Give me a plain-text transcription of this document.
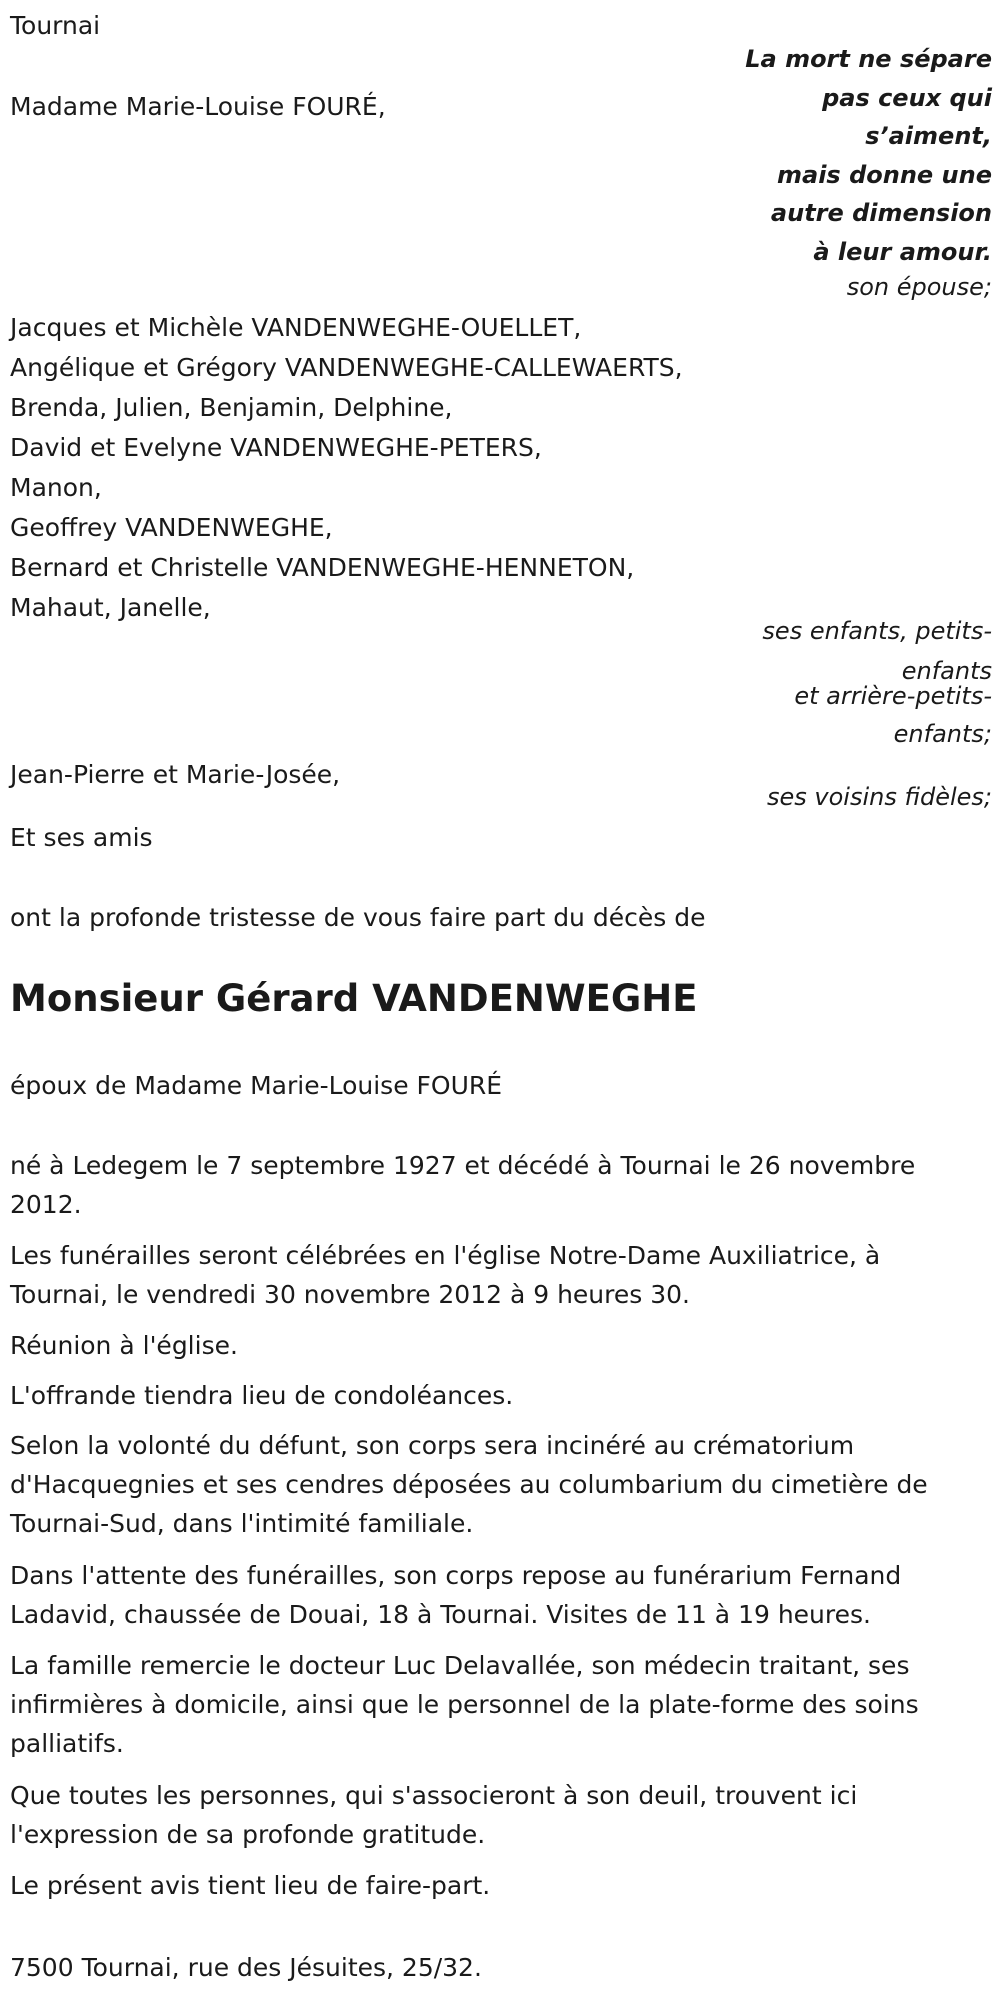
Tournai
Madame Marie-Louise FOURÉ,
La mort ne sépare
pas ceux qui
s’aiment,
mais donne une
autre dimension
à leur amour.
son épouse;
Jacques et Michèle VANDENWEGHE-OUELLET,
Angélique et Grégory VANDENWEGHE-CALLEWAERTS,
Brenda, Julien, Benjamin, Delphine,
David et Evelyne VANDENWEGHE-PETERS,
Manon,
Geoffrey VANDENWEGHE,
Bernard et Christelle VANDENWEGHE-HENNETON,
Mahaut, Janelle,
ses enfants, petits-
enfants
et arrière-petits-
enfants;
Jean-Pierre et Marie-Josée,
ses voisins fidèles;
Et ses amis
ont la profonde tristesse de vous faire part du décès de
Monsieur Gérard VANDENWEGHE
époux de Madame Marie-Louise FOURÉ
né à Ledegem le 7 septembre 1927 et décédé à Tournai le 26 novembre 2012.
Les funérailles seront célébrées en l'église Notre-Dame Auxiliatrice, à Tournai, le vendredi 30 novembre 2012 à 9 heures 30.
Réunion à l'église.
L'offrande tiendra lieu de condoléances.
Selon la volonté du défunt, son corps sera incinéré au crématorium d'Hacquegnies et ses cendres déposées au columbarium du cimetière de Tournai-Sud, dans l'intimité familiale.
Dans l'attente des funérailles, son corps repose au funérarium Fernand Ladavid, chaussée de Douai, 18 à Tournai. Visites de 11 à 19 heures.
La famille remercie le docteur Luc Delavallée, son médecin traitant, ses infirmières à domicile, ainsi que le personnel de la plate-forme des soins palliatifs.
Que toutes les personnes, qui s'associeront à son deuil, trouvent ici l'expression de sa profonde gratitude.
Le présent avis tient lieu de faire-part.
7500 Tournai, rue des Jésuites, 25/32.
